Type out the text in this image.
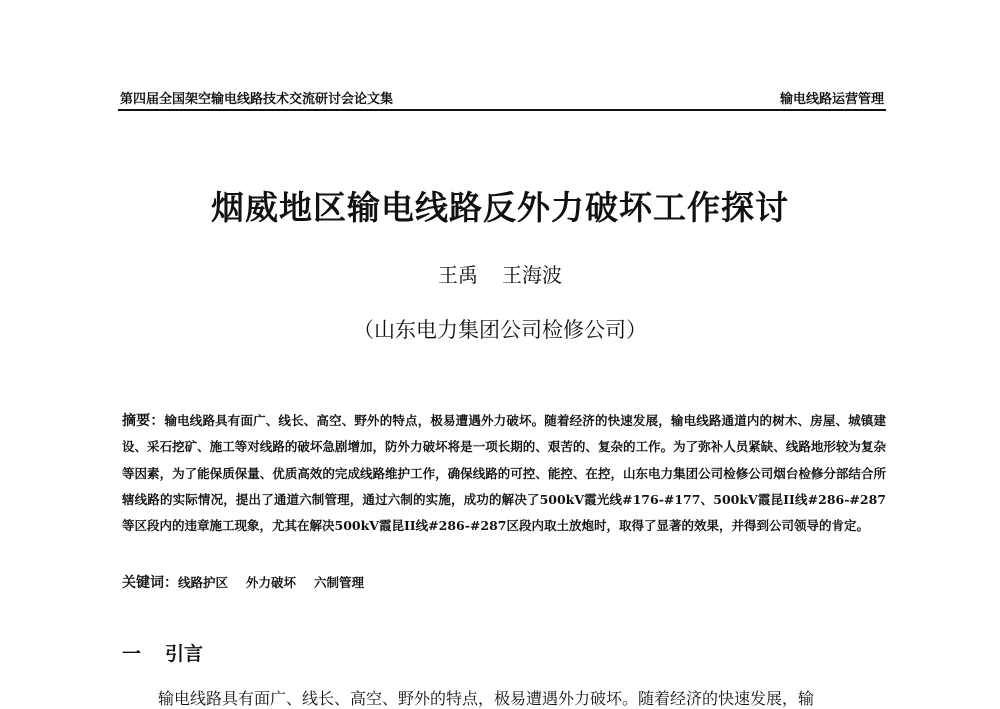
第四届全国架空输电线路技术交流研讨会论文集	输电线路运营管理
烟威地区输电线路反外力破坏工作探讨
王禹 王海波
（山东电力集团公司检修公司）
摘要：输电线路具有面广、线长、高空、野外的特点，极易遭遇外力破坏。随着经济的快速发展，输电线路通道内的树木、房屋、城镇建设、采石挖矿、施工等对线路的破坏急剧增加，防外力破坏将是一项长期的、艰苦的、复杂的工作。为了弥补人员紧缺、线路地形较为复杂等因素，为了能保质保量、优质高效的完成线路维护工作，确保线路的可控、能控、在控，山东电力集团公司检修公司烟台检修分部结合所辖线路的实际情况，提出了通道六制管理，通过六制的实施，成功的解决了500kV霞光线#176-#177、500kV霞昆II线#286-#287等区段内的违章施工现象，尤其在解决500kV霞昆II线#286-#287区段内取土放炮时，取得了显著的效果，并得到公司领导的肯定。
关键词：线路护区 外力破坏 六制管理
一 引言
输电线路具有面广、线长、高空、野外的特点，极易遭遇外力破坏。随着经济的快速发展，输
